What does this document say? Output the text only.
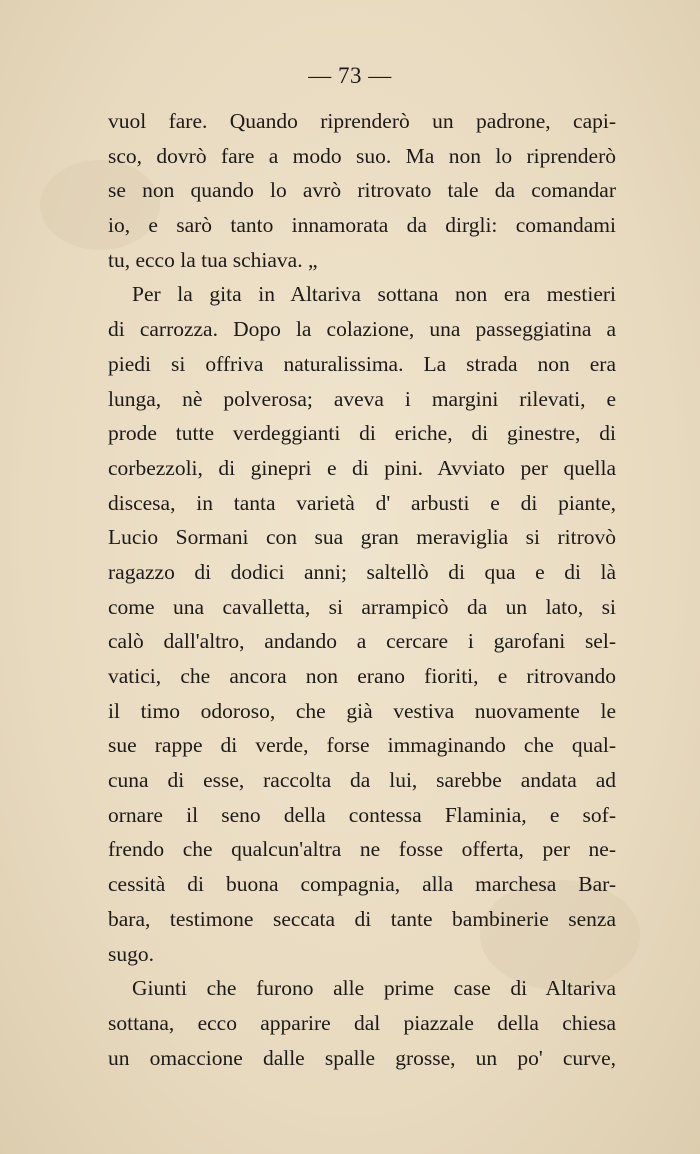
— 73 —
vuol fare. Quando riprenderò un padrone, capi-
sco, dovrò fare a modo suo. Ma non lo riprenderò
se non quando lo avrò ritrovato tale da comandar
io, e sarò tanto innamorata da dirgli: comandami
tu, ecco la tua schiava. „
Per la gita in Altariva sottana non era mestieri
di carrozza. Dopo la colazione, una passeggiatina a
piedi si offriva naturalissima. La strada non era
lunga, nè polverosa; aveva i margini rilevati, e
prode tutte verdeggianti di eriche, di ginestre, di
corbezzoli, di ginepri e di pini. Avviato per quella
discesa, in tanta varietà d' arbusti e di piante,
Lucio Sormani con sua gran meraviglia si ritrovò
ragazzo di dodici anni; saltellò di qua e di là
come una cavalletta, si arrampicò da un lato, si
calò dall'altro, andando a cercare i garofani sel-
vatici, che ancora non erano fioriti, e ritrovando
il timo odoroso, che già vestiva nuovamente le
sue rappe di verde, forse immaginando che qual-
cuna di esse, raccolta da lui, sarebbe andata ad
ornare il seno della contessa Flaminia, e sof-
frendo che qualcun'altra ne fosse offerta, per ne-
cessità di buona compagnia, alla marchesa Bar-
bara, testimone seccata di tante bambinerie senza
sugo.
Giunti che furono alle prime case di Altariva
sottana, ecco apparire dal piazzale della chiesa
un omaccione dalle spalle grosse, un po' curve,
